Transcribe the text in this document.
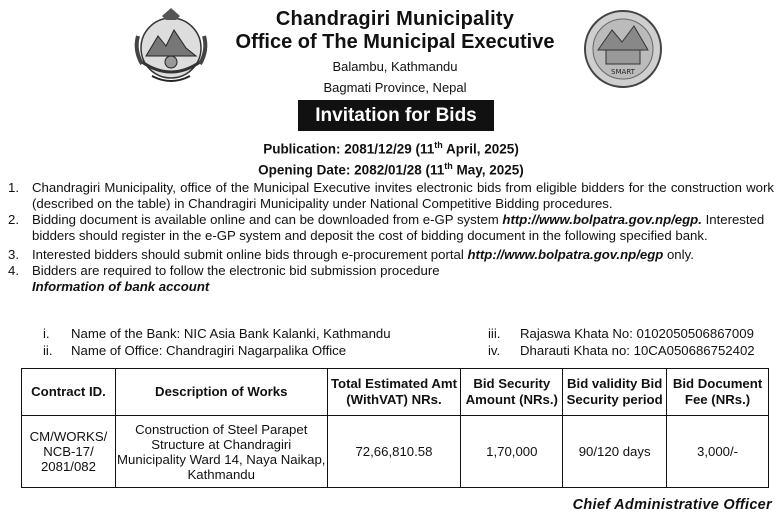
Chandragiri Municipality
Office of The Municipal Executive
Balambu, Kathmandu
Bagmati Province, Nepal
SMART
Invitation for Bids
Publication: 2081/12/29 (11th April, 2025)
Opening Date: 2082/01/28 (11th May, 2025)
1. Chandragiri Municipality, office of the Municipal Executive invites electronic bids from eligible bidders for the construction work (described on the table) in Chandragiri Municipality under National Competitive Bidding procedures.
2. Bidding document is available online and can be downloaded from e-GP system http://www.bolpatra.gov.np/egp. Interested bidders should register in the e-GP system and deposit the cost of bidding document in the following specified bank.
3. Interested bidders should submit online bids through e-procurement portal http://www.bolpatra.gov.np/egp only.
4. Bidders are required to follow the electronic bid submission procedure
Information of bank account
i.	Name of the Bank: NIC Asia Bank Kalanki, Kathmandu
ii.	Name of Office: Chandragiri Nagarpalika Office
iii.	Rajaswa Khata No: 0102050506867009
iv.	Dharauti Khata no: 10CA050686752402
Contract ID.	Description of Works	Total Estimated Amt (WithVAT) NRs.	Bid Security Amount (NRs.)	Bid validity Bid Security period	Bid Document Fee (NRs.)
CM/WORKS/ NCB-17/ 2081/082	Construction of Steel Parapet Structure at Chandragiri Municipality Ward 14, Naya Naikap, Kathmandu	72,66,810.58	1,70,000	90/120 days	3,000/-
Chief Administrative Officer
